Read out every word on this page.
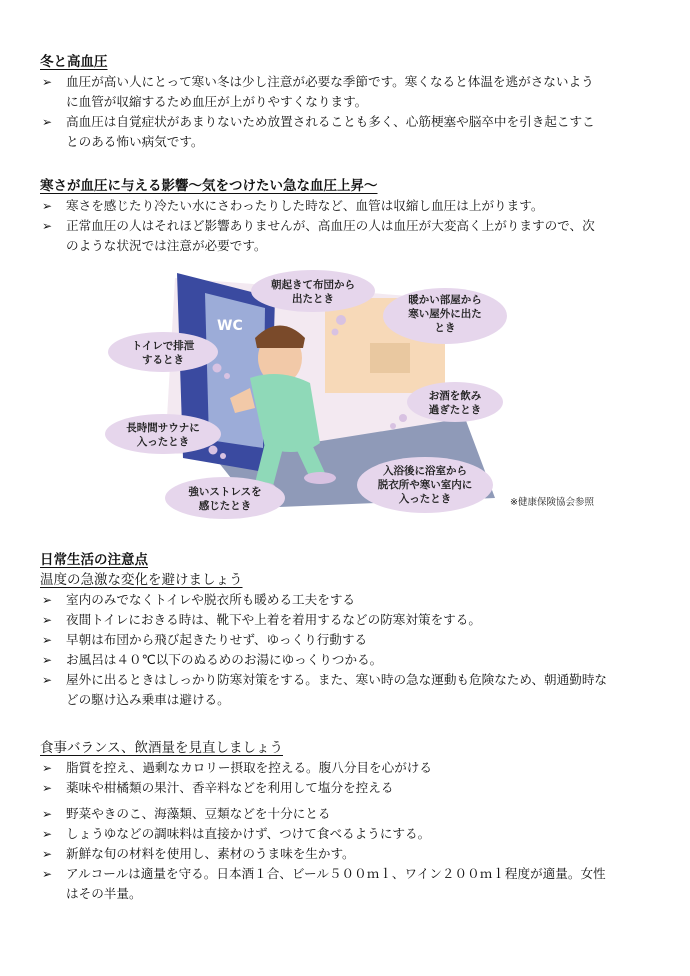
冬と高血圧

➢ 血圧が高い人にとって寒い冬は少し注意が必要な季節です。寒くなると体温を逃がさないよう
に血管が収縮するため血圧が上がりやすくなります。
➢ 高血圧は自覚症状があまりないため放置されることも多く、心筋梗塞や脳卒中を引き起こすこ
とのある怖い病気です。

寒さが血圧に与える影響～気をつけたい急な血圧上昇～

➢ 寒さを感じたり冷たい水にさわったりした時など、血管は収縮し血圧は上がります。
➢ 正常血圧の人はそれほど影響ありませんが、高血圧の人は血圧が大変高く上がりますので、次
のような状況では注意が必要です。
WC
朝起きて布団から
出たとき	暖かい部屋から
寒い屋外に出た
とき
トイレで排泄
するとき
お酒を飲み
過ぎたとき
長時間サウナに
入ったとき
入浴後に浴室から
脱衣所や寒い室内に
入ったとき
強いストレスを
感じたとき	※健康保険協会参照

日常生活の注意点

温度の急激な変化を避けましょう

➢ 室内のみでなくトイレや脱衣所も暖める工夫をする
➢ 夜間トイレにおきる時は、靴下や上着を着用するなどの防寒対策をする。
➢ 早朝は布団から飛び起きたりせず、ゆっくり行動する
➢ お風呂は４０℃以下のぬるめのお湯にゆっくりつかる。
➢ 屋外に出るときはしっかり防寒対策をする。また、寒い時の急な運動も危険なため、朝通勤時な
どの駆け込み乗車は避ける。

食事バランス、飲酒量を見直しましょう

➢ 脂質を控え、過剰なカロリー摂取を控える。腹八分目を心がける
➢ 薬味や柑橘類の果汁、香辛料などを利用して塩分を控える
➢ 野菜やきのこ、海藻類、豆類などを十分にとる
➢ しょうゆなどの調味料は直接かけず、つけて食べるようにする。
➢ 新鮮な旬の材料を使用し、素材のうま味を生かす。
➢ アルコールは適量を守る。日本酒１合、ビール５００ｍｌ、ワイン２００ｍｌ程度が適量。女性
はその半量。
